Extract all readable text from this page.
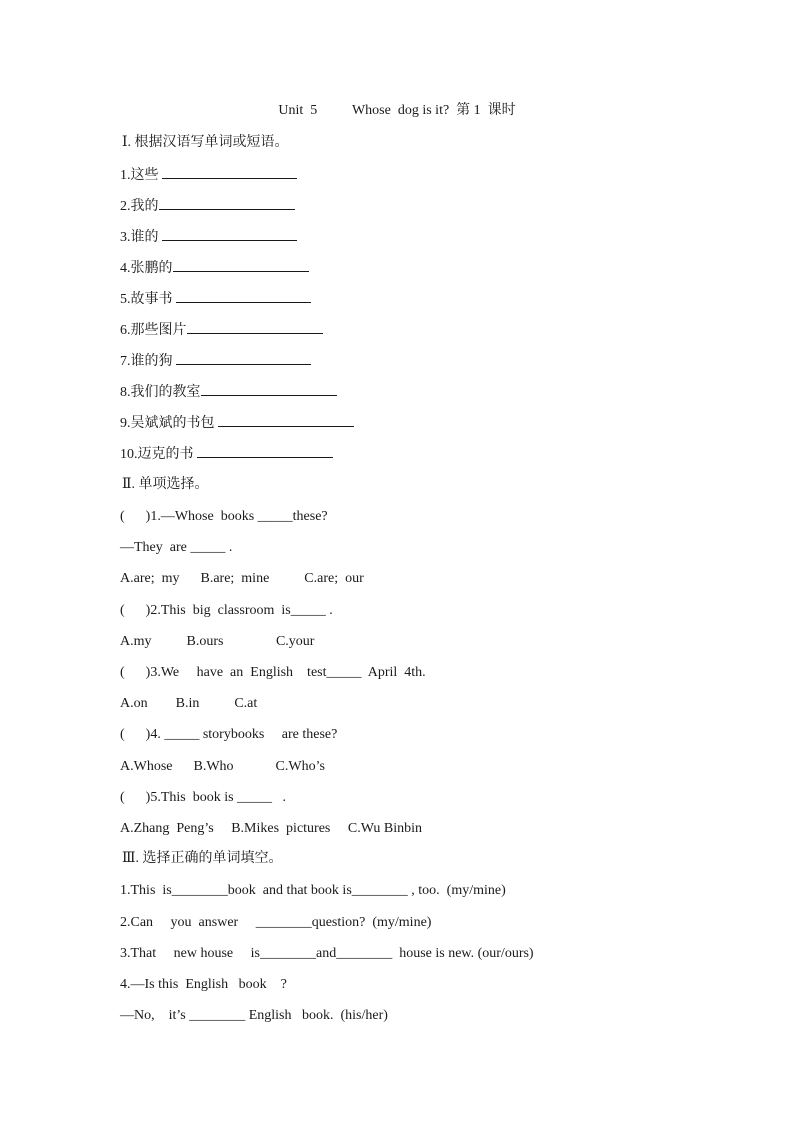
Unit  5          Whose  dog is it?  第 1  课时
Ⅰ. 根据汉语写单词或短语。
1.这些
2.我的
3.谁的
4.张鹏的
5.故事书
6.那些图片
7.谁的狗
8.我们的教室
9.吴斌斌的书包
10.迈克的书
Ⅱ. 单项选择。
(      )1.—Whose  books _____these?
—They  are _____ .
A.are;  my      B.are;  mine          C.are;  our
(      )2.This  big  classroom  is_____ .
A.my          B.ours               C.your
(      )3.We     have  an  English    test_____  April  4th.
A.on        B.in          C.at
(      )4. _____ storybooks     are these?
A.Whose      B.Who            C.Who’s
(      )5.This  book is _____   .
A.Zhang  Peng’s     B.Mikes  pictures     C.Wu Binbin
Ⅲ. 选择正确的单词填空。
1.This  is________book  and that book is________ , too.  (my/mine)
2.Can     you  answer     ________question?  (my/mine)
3.That     new house     is________and________  house is new. (our/ours)
4.—Is this  English   book    ?
—No,    it’s ________ English   book.  (his/her)
